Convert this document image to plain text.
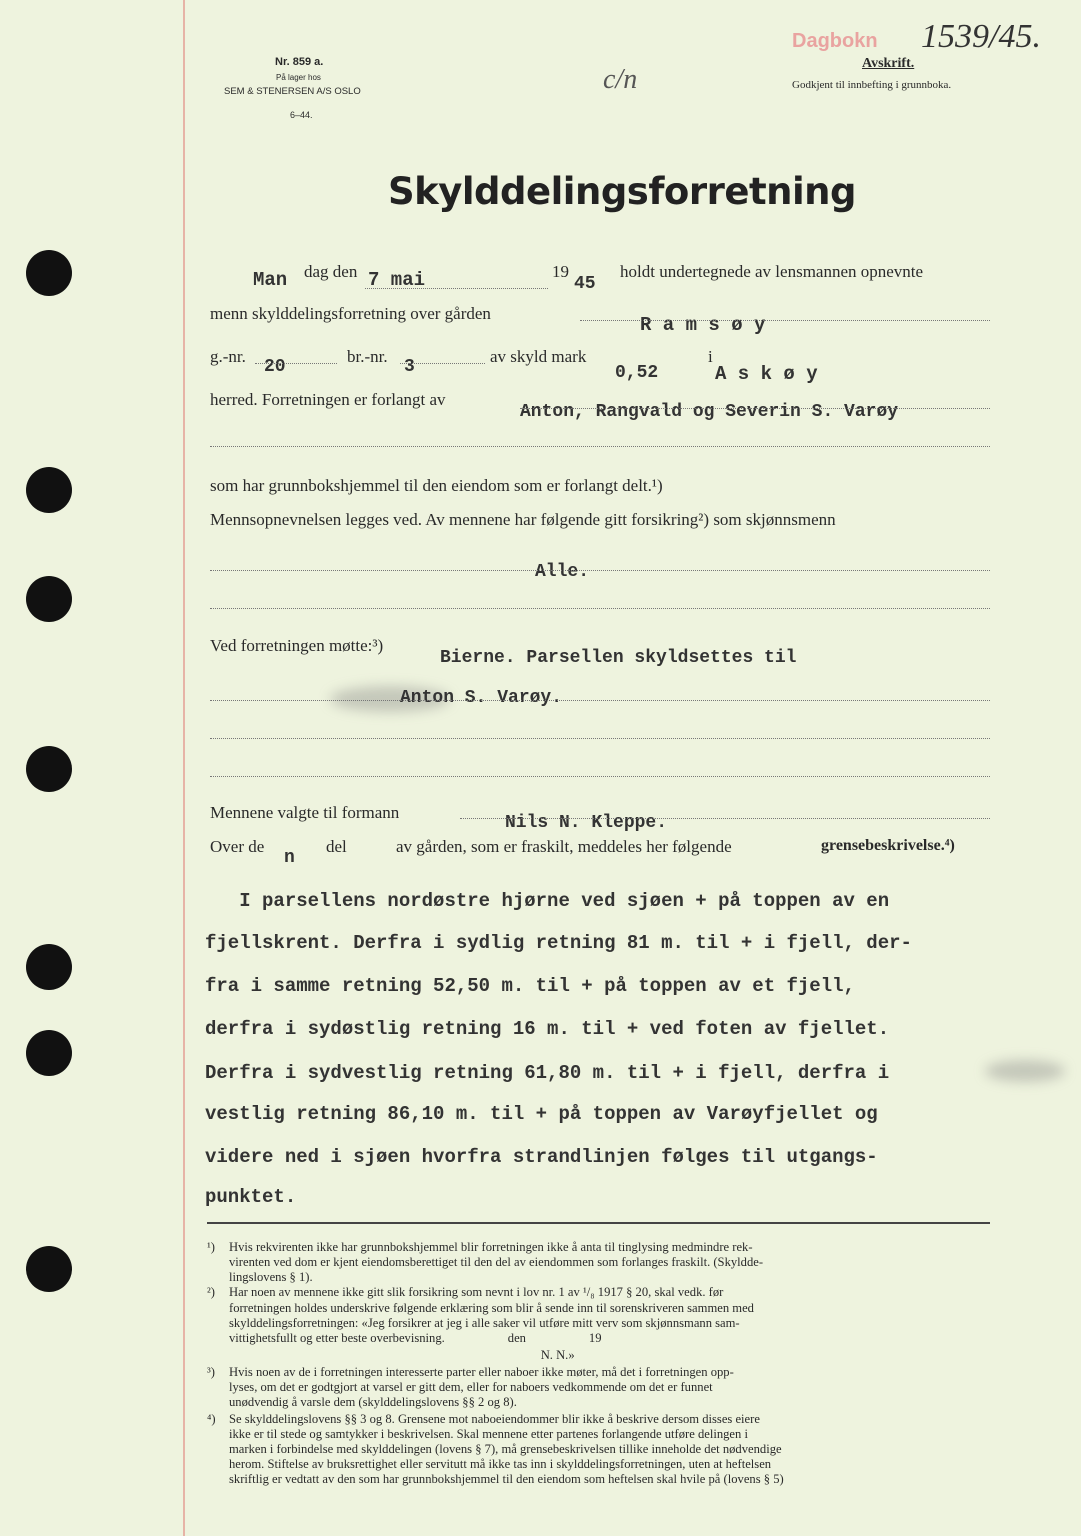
Nr. 859 a.
På lager hos
SEM & STENERSEN A/S OSLO
6–44.
c/n
Dagbokn 1539/45.
Avskrift.
Godkjent til innbefting i grunnboka.
Skylddelingsforretning
Man dag den 7 mai	19
45
holdt undertegnede av lensmannen opnevnte
menn skylddelingsforretning over gården
R a m s ø y
g.-nr.
20
br.-nr.
3
av skyld mark
0,52
i
A s k ø y
herred. Forretningen er forlangt av
Anton, Rangvald og Severin S. Varøy
som har grunnbokshjemmel til den eiendom som er forlangt delt.¹)
Mennsopnevnelsen legges ved. Av mennene har følgende gitt forsikring²) som skjønnsmenn
Alle.
Ved forretningen møtte:³)
Bierne. Parsellen skyldsettes til
Anton S. Varøy.
Mennene valgte til formann
Nils N. Kleppe.
Over de
n
del	av gården, som er fraskilt, meddeles her følgende	grensebeskrivelse.⁴)
I parsellens nordøstre hjørne ved sjøen + på toppen av en
fjellskrent. Derfra i sydlig retning 81 m. til + i fjell, der-
fra i samme retning 52,50 m. til + på toppen av et fjell,
derfra i sydøstlig retning 16 m. til + ved foten av fjellet.
Derfra i sydvestlig retning 61,80 m. til + i fjell, derfra i
vestlig retning 86,10 m. til + på toppen av Varøyfjellet og
videre ned i sjøen hvorfra strandlinjen følges til utgangs-
punktet.
¹) Hvis rekvirenten ikke har grunnbokshjemmel blir forretningen ikke å anta til tinglysing medmindre rek-
virenten ved dom er kjent eiendomsberettiget til den del av eiendommen som forlanges fraskilt. (Skyldde-
lingslovens § 1).
²) Har noen av mennene ikke gitt slik forsikring som nevnt i lov nr. 1 av ¹/₈ 1917 § 20, skal vedk. før
forretningen holdes underskrive følgende erklæring som blir å sende inn til sorenskriveren sammen med
skylddelingsforretningen: «Jeg forsikrer at jeg i alle saker vil utføre mitt verv som skjønnsmann sam-
vittighetsfullt og etter beste overbevisning.                    den                    19
N. N.»
³) Hvis noen av de i forretningen interesserte parter eller naboer ikke møter, må det i forretningen opp-
lyses, om det er godtgjort at varsel er gitt dem, eller for naboers vedkommende om det er funnet
unødvendig å varsle dem (skylddelingslovens §§ 2 og 8).
⁴) Se skylddelingslovens §§ 3 og 8. Grensene mot naboeiendommer blir ikke å beskrive dersom disses eiere
ikke er til stede og samtykker i beskrivelsen. Skal mennene etter partenes forlangende utføre delingen i
marken i forbindelse med skylddelingen (lovens § 7), må grensebeskrivelsen tillike inneholde det nødvendige
herom. Stiftelse av bruksrettighet eller servitutt må ikke tas inn i skylddelingsforretningen, uten at heftelsen
skriftlig er vedtatt av den som har grunnbokshjemmel til den eiendom som heftelsen skal hvile på (lovens § 5)
